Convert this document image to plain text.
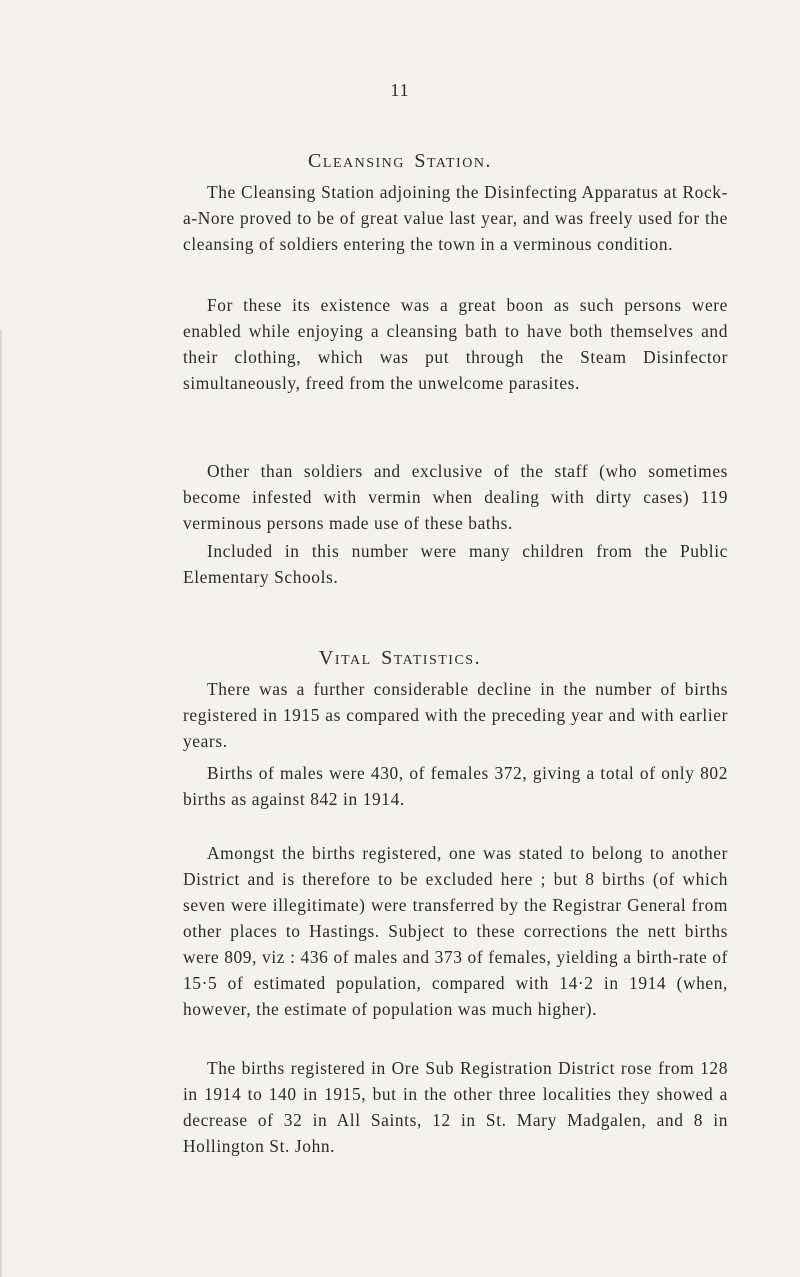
11
Cleansing Station.

The Cleansing Station adjoining the Disinfecting Apparatus at Rock-a-Nore proved to be of great value last year, and was freely used for the cleansing of soldiers entering the town in a verminous condition.

For these its existence was a great boon as such persons were enabled while enjoying a cleansing bath to have both themselves and their clothing, which was put through the Steam Disinfector simultaneously, freed from the unwelcome parasites.

Other than soldiers and exclusive of the staff (who sometimes become infested with vermin when dealing with dirty cases) 119 verminous persons made use of these baths.

Included in this number were many children from the Public Elementary Schools.

Vital Statistics.

There was a further considerable decline in the number of births registered in 1915 as compared with the preceding year and with earlier years.

Births of males were 430, of females 372, giving a total of only 802 births as against 842 in 1914.

Amongst the births registered, one was stated to belong to another District and is therefore to be excluded here ; but 8 births (of which seven were illegitimate) were transferred by the Registrar General from other places to Hastings. Subject to these corrections the nett births were 809, viz : 436 of males and 373 of females, yielding a birth-rate of 15·5 of estimated population, compared with 14·2 in 1914 (when, however, the estimate of population was much higher).

The births registered in Ore Sub Registration District rose from 128 in 1914 to 140 in 1915, but in the other three localities they showed a decrease of 32 in All Saints, 12 in St. Mary Madgalen, and 8 in Hollington St. John.
